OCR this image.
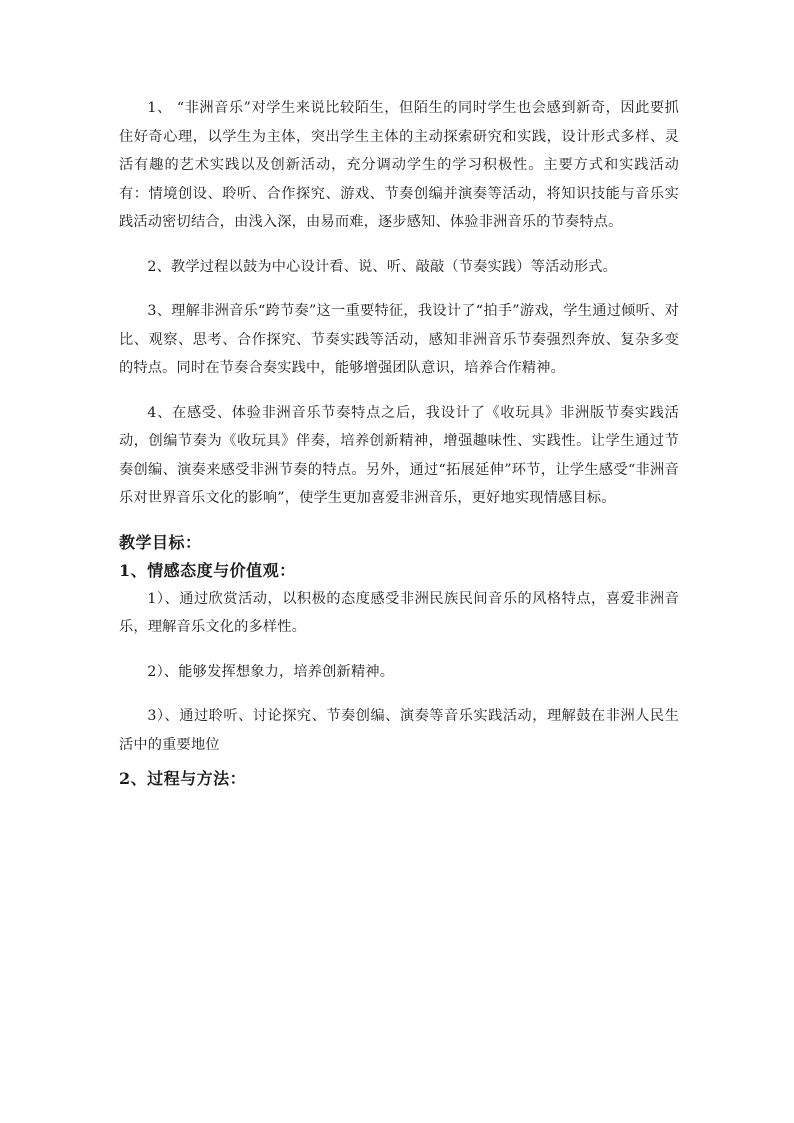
1、 “非洲音乐”对学生来说比较陌生，但陌生的同时学生也会感到新奇，因此要抓住好奇心理，以学生为主体，突出学生主体的主动探索研究和实践，设计形式多样、灵活有趣的艺术实践以及创新活动，充分调动学生的学习积极性。主要方式和实践活动有：情境创设、聆听、合作探究、游戏、节奏创编并演奏等活动，将知识技能与音乐实践活动密切结合，由浅入深，由易而难，逐步感知、体验非洲音乐的节奏特点。

2、教学过程以鼓为中心设计看、说、听、敲敲（节奏实践）等活动形式。

3、理解非洲音乐“跨节奏”这一重要特征，我设计了“拍手”游戏，学生通过倾听、对比、观察、思考、合作探究、节奏实践等活动，感知非洲音乐节奏强烈奔放、复杂多变的特点。同时在节奏合奏实践中，能够增强团队意识，培养合作精神。

4、在感受、体验非洲音乐节奏特点之后，我设计了《收玩具》非洲版节奏实践活动，创编节奏为《收玩具》伴奏，培养创新精神，增强趣味性、实践性。让学生通过节奏创编、演奏来感受非洲节奏的特点。另外，通过“拓展延伸”环节，让学生感受“非洲音乐对世界音乐文化的影响”，使学生更加喜爱非洲音乐，更好地实现情感目标。

教学目标：
1、情感态度与价值观：

1）、通过欣赏活动，以积极的态度感受非洲民族民间音乐的风格特点，喜爱非洲音乐，理解音乐文化的多样性。

2）、能够发挥想象力，培养创新精神。

3）、通过聆听、讨论探究、节奏创编、演奏等音乐实践活动，理解鼓在非洲人民生活中的重要地位

2、过程与方法：
